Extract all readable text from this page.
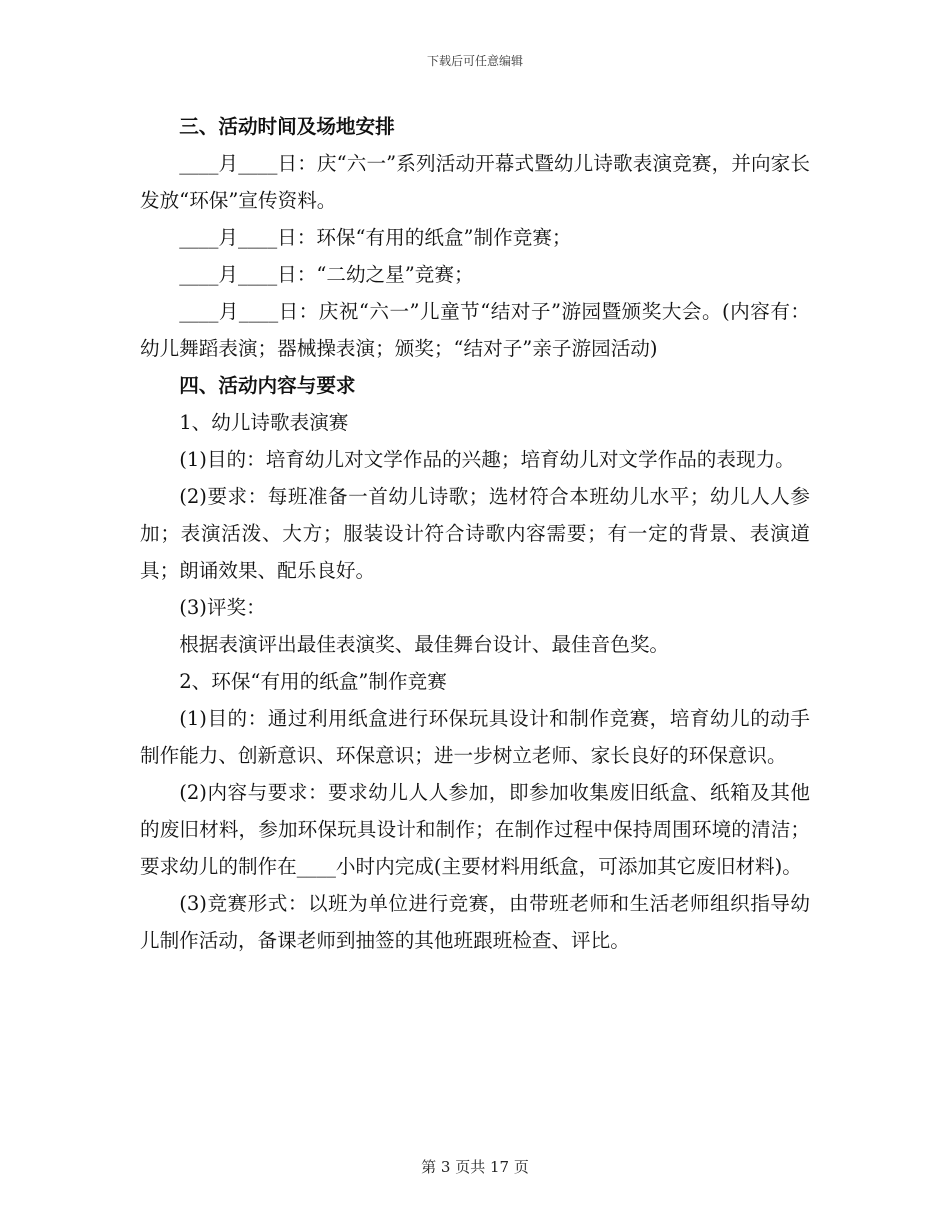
下载后可任意编辑

三、活动时间及场地安排

____月____日：庆“六一”系列活动开幕式暨幼儿诗歌表演竞赛，并向家长发放“环保”宣传资料。

____月____日：环保“有用的纸盒”制作竞赛；

____月____日：“二幼之星”竞赛；

____月____日：庆祝“六一”儿童节“结对子”游园暨颁奖大会。(内容有：幼儿舞蹈表演；器械操表演；颁奖；“结对子”亲子游园活动)

四、活动内容与要求

1、幼儿诗歌表演赛

(1)目的：培育幼儿对文学作品的兴趣；培育幼儿对文学作品的表现力。

(2)要求：每班准备一首幼儿诗歌；选材符合本班幼儿水平；幼儿人人参加；表演活泼、大方；服装设计符合诗歌内容需要；有一定的背景、表演道具；朗诵效果、配乐良好。

(3)评奖：

根据表演评出最佳表演奖、最佳舞台设计、最佳音色奖。

2、环保“有用的纸盒”制作竞赛

(1)目的：通过利用纸盒进行环保玩具设计和制作竞赛，培育幼儿的动手制作能力、创新意识、环保意识；进一步树立老师、家长良好的环保意识。

(2)内容与要求：要求幼儿人人参加，即参加收集废旧纸盒、纸箱及其他的废旧材料，参加环保玩具设计和制作；在制作过程中保持周围环境的清洁；要求幼儿的制作在____小时内完成(主要材料用纸盒，可添加其它废旧材料)。

(3)竞赛形式：以班为单位进行竞赛，由带班老师和生活老师组织指导幼儿制作活动，备课老师到抽签的其他班跟班检查、评比。

第 3 页共 17 页
